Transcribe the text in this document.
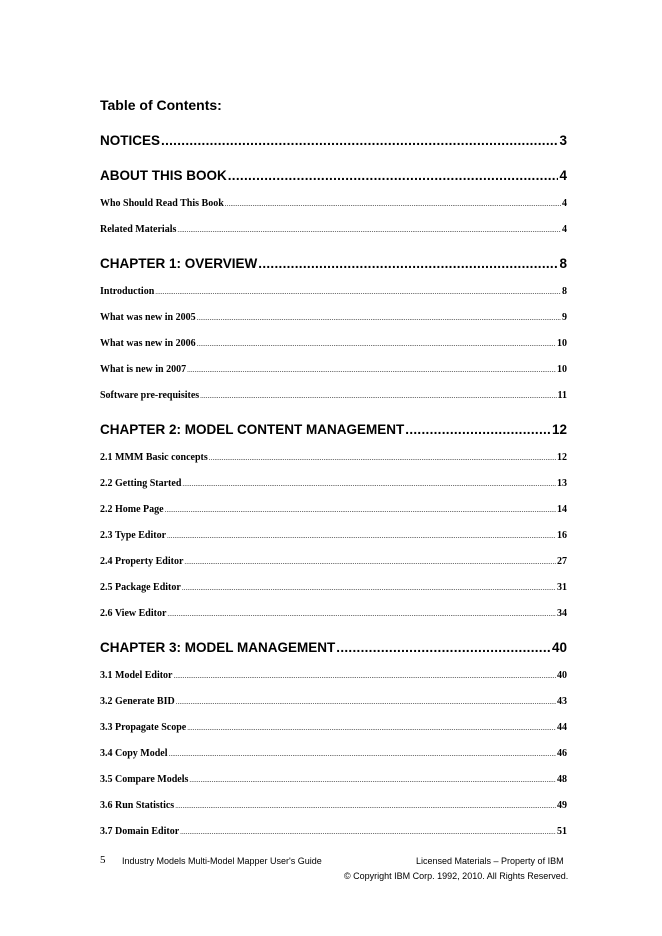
Table of Contents:
NOTICES .....	3
ABOUT THIS BOOK .....	4
Who Should Read This Book .....	4
Related Materials .....	4
CHAPTER 1: OVERVIEW .....	8
Introduction .....	8
What was new in 2005 .....	9
What was new in 2006 .....	10
What is new in 2007 .....	10
Software pre-requisites .....	11
CHAPTER 2: MODEL CONTENT MANAGEMENT .....	12
2.1 MMM Basic concepts .....	12
2.2 Getting Started .....	13
2.2 Home Page .....	14
2.3 Type Editor .....	16
2.4 Property Editor .....	27
2.5 Package Editor .....	31
2.6 View Editor .....	34
CHAPTER 3: MODEL MANAGEMENT .....	40
3.1 Model Editor .....	40
3.2 Generate BID .....	43
3.3 Propagate Scope .....	44
3.4 Copy Model .....	46
3.5 Compare Models .....	48
3.6 Run Statistics .....	49
3.7 Domain Editor .....	51
5 Industry Models Multi-Model Mapper User's Guide	Licensed Materials – Property of IBM
© Copyright IBM Corp. 1992, 2010. All Rights Reserved.
